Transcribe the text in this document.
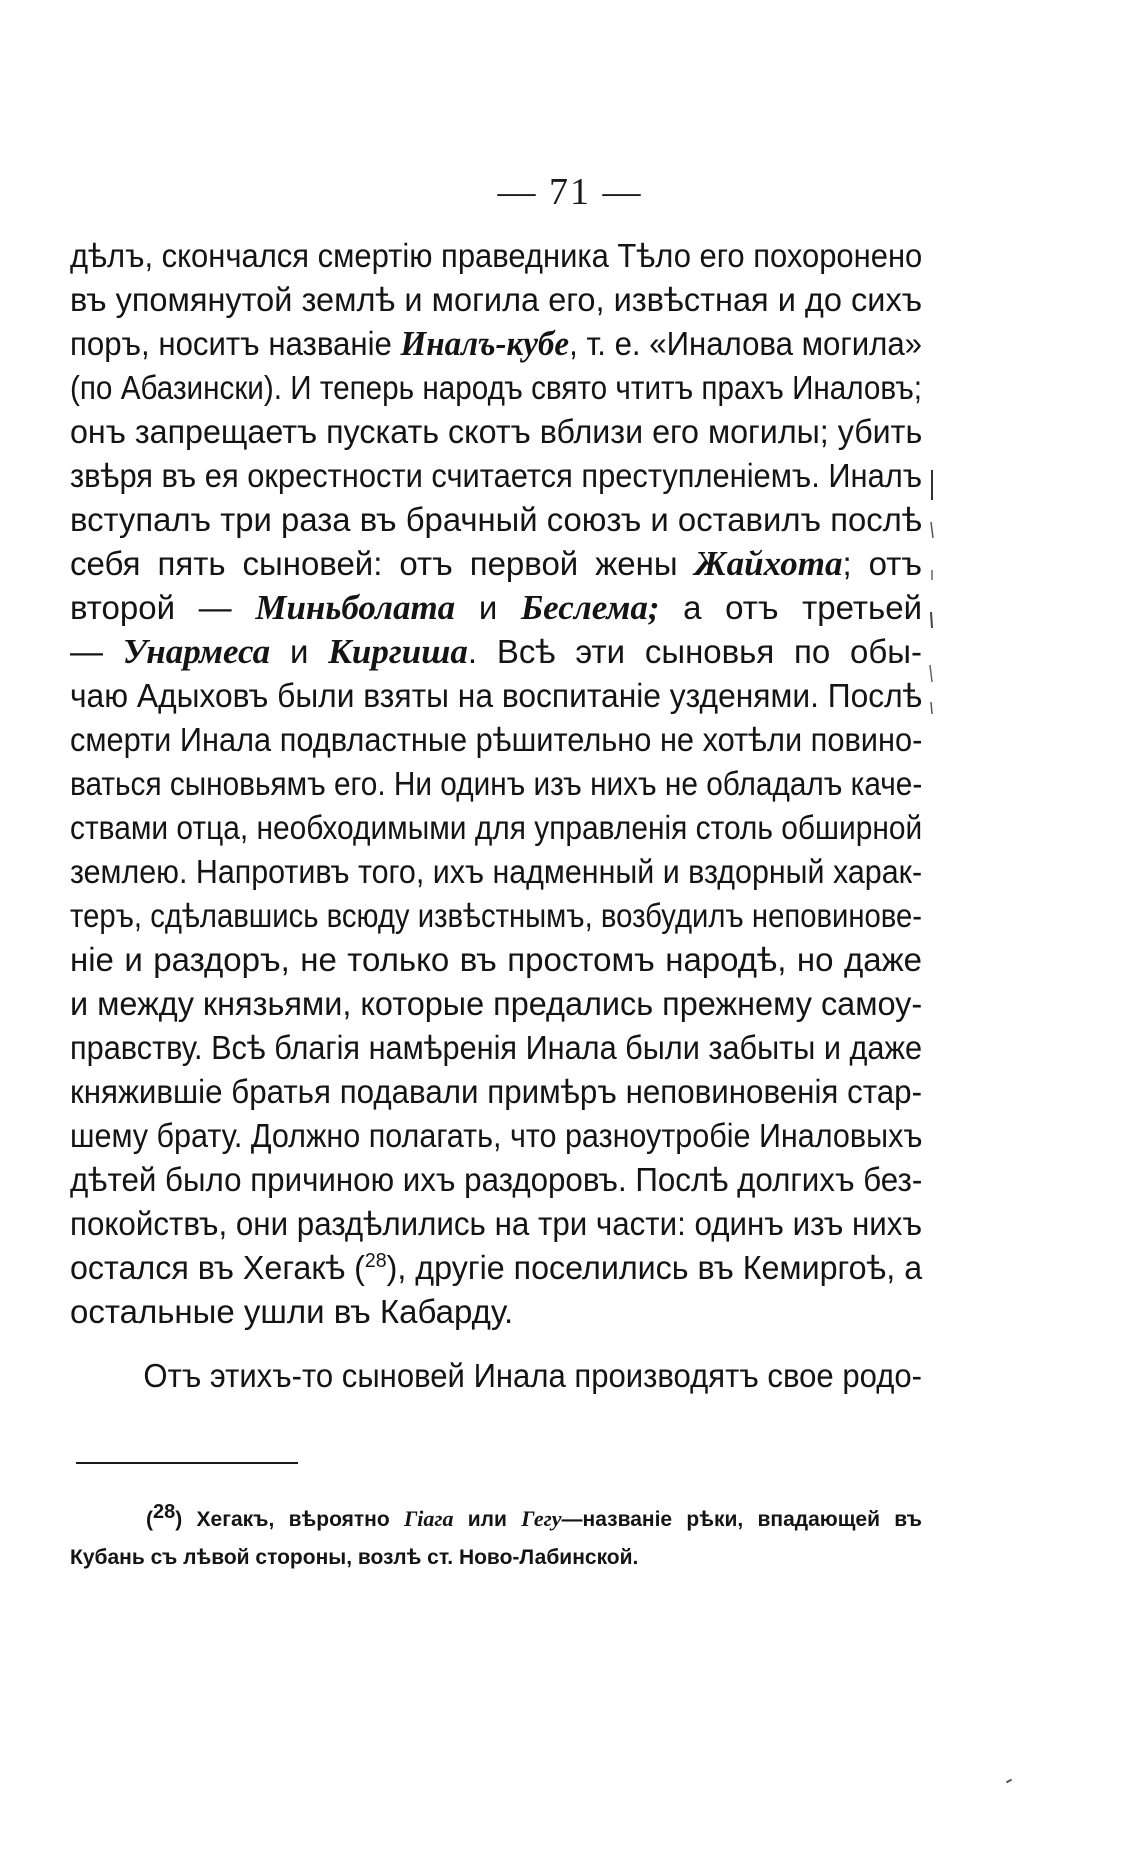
— 71 —
дѣлъ, скончался смертію праведника Тѣло его похоронено
въ упомянутой землѣ и могила его, извѣстная и до сихъ
поръ, носитъ названіе Иналъ-кубе, т. е. «Иналова могила»
(по Абазински). И теперь народъ свято чтитъ прахъ Иналовъ;
онъ запрещаетъ пускать скотъ вблизи его могилы; убить
звѣря въ ея окрестности считается преступленіемъ. Иналъ
вступалъ три раза въ брачный союзъ и оставилъ послѣ
себя пять сыновей: отъ первой жены Жайхота; отъ
второй — Миньболата и Беслема; а отъ третьей
— Унармеса и Киргиша. Всѣ эти сыновья по обы-
чаю Адыховъ были взяты на воспитаніе узденями. Послѣ
смерти Инала подвластные рѣшительно не хотѣли повино-
ваться сыновьямъ его. Ни одинъ изъ нихъ не обладалъ каче-
ствами отца, необходимыми для управленія столь обширной
землею. Напротивъ того, ихъ надменный и вздорный харак-
теръ, сдѣлавшись всюду извѣстнымъ, возбудилъ неповинове-
ніе и раздоръ, не только въ простомъ народѣ, но даже
и между князьями, которые предались прежнему самоу-
правству. Всѣ благія намѣренія Инала были забыты и даже
княжившіе братья подавали примѣръ неповиновенія стар-
шему брату. Должно полагать, что разноутробіе Иналовыхъ
дѣтей было причиною ихъ раздоровъ. Послѣ долгихъ без-
покойствъ, они раздѣлились на три части: одинъ изъ нихъ
остался въ Хегакѣ ($^{28}$), другіе поселились въ Кемиргоѣ, а
остальные ушли въ Кабарду.
Отъ этихъ-то сыновей Инала производятъ свое родо-
(28) Хегакъ, вѣроятно Гіага или Гегу—названіе рѣки, впадающей въ
Кубань съ лѣвой стороны, возлѣ ст. Ново-Лабинской.
